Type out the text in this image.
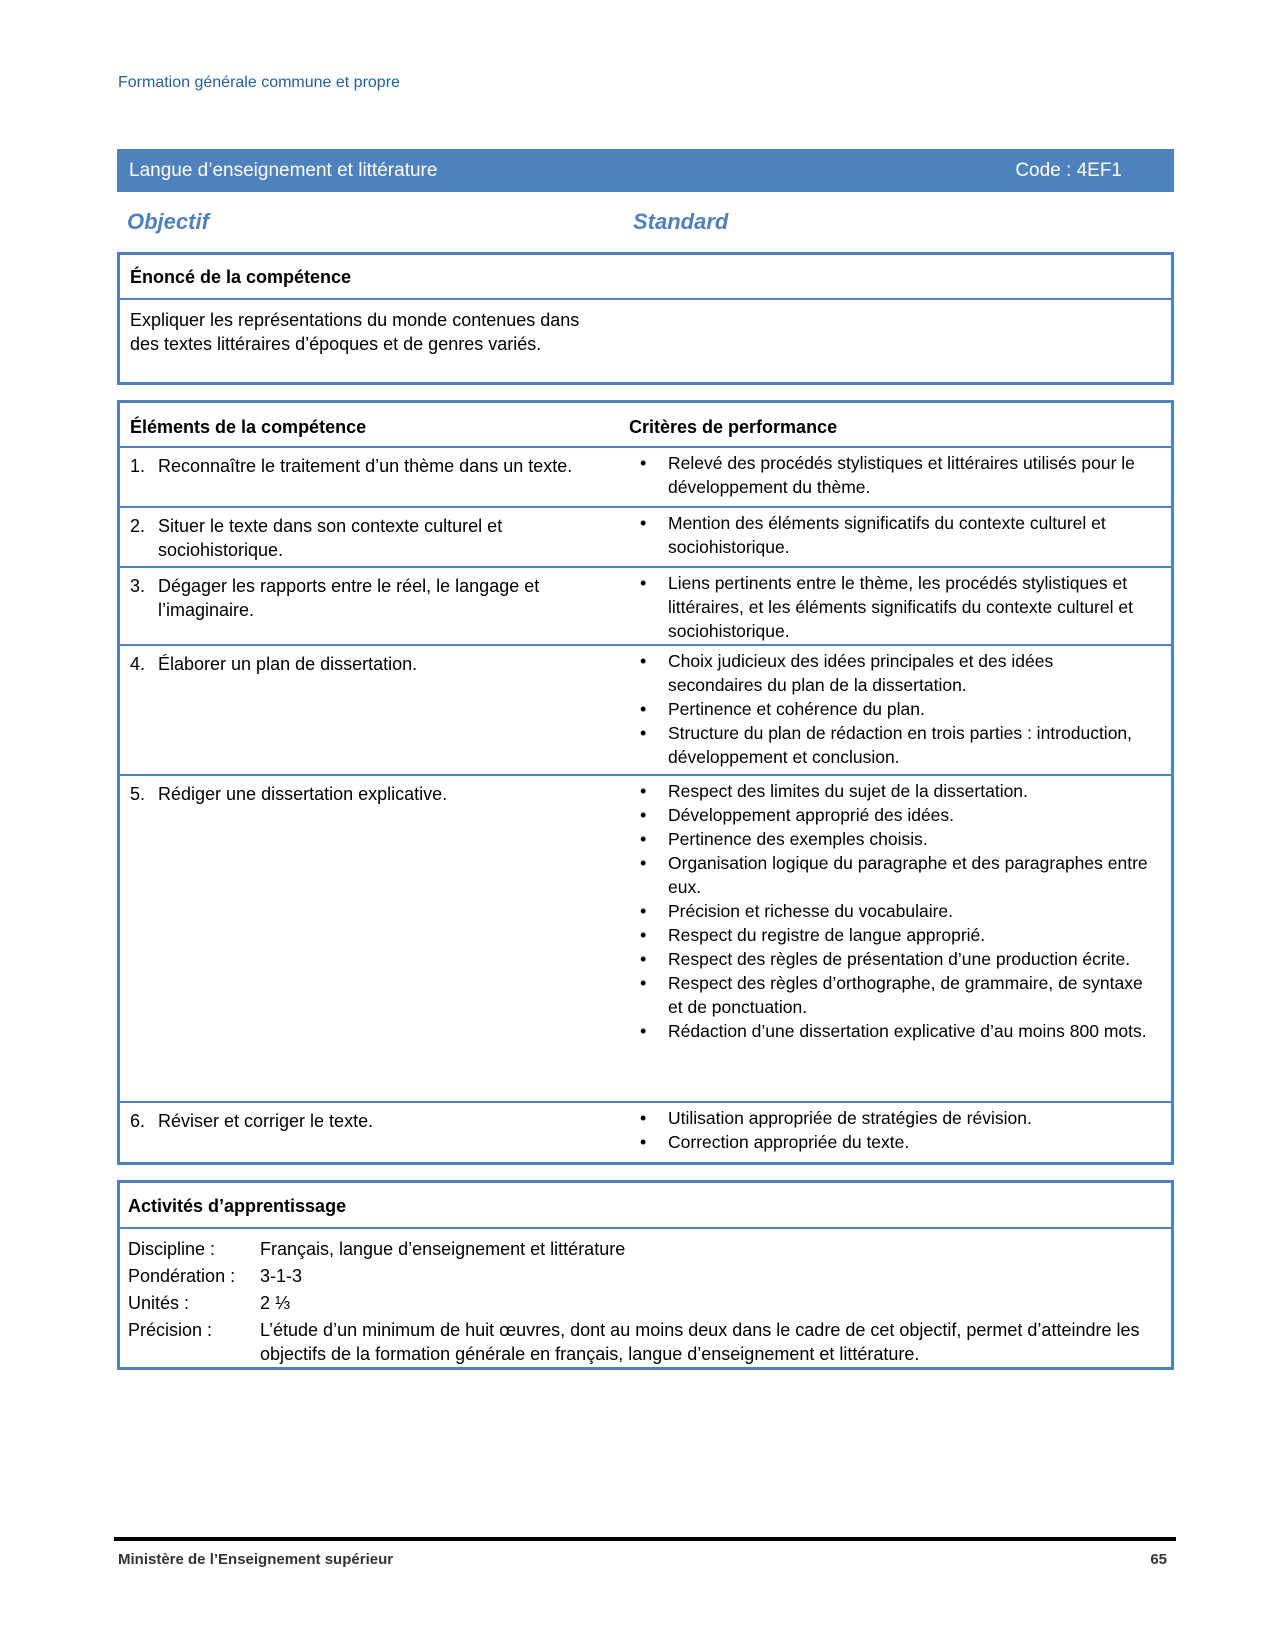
Formation générale commune et propre
Langue d’enseignement et littérature	Code : 4EF1
Objectif	Standard
Énoncé de la compétence
Expliquer les représentations du monde contenues dans des textes littéraires d’époques et de genres variés.
Éléments de la compétence	Critères de performance
1. Reconnaître le traitement d’un thème dans un texte.	• Relevé des procédés stylistiques et littéraires utilisés pour le développement du thème.
2. Situer le texte dans son contexte culturel et sociohistorique.
• Mention des éléments significatifs du contexte culturel et sociohistorique.
3. Dégager les rapports entre le réel, le langage et l’imaginaire.
• Liens pertinents entre le thème, les procédés stylistiques et littéraires, et les éléments significatifs du contexte culturel et sociohistorique.
4. Élaborer un plan de dissertation.	• Choix judicieux des idées principales et des idées secondaires du plan de la dissertation.
• Pertinence et cohérence du plan.
• Structure du plan de rédaction en trois parties : introduction, développement et conclusion.
5. Rédiger une dissertation explicative.	• Respect des limites du sujet de la dissertation.
• Développement approprié des idées.
• Pertinence des exemples choisis.
• Organisation logique du paragraphe et des paragraphes entre eux.
• Précision et richesse du vocabulaire.
• Respect du registre de langue approprié.
• Respect des règles de présentation d’une production écrite.
• Respect des règles d’orthographe, de grammaire, de syntaxe et de ponctuation.
• Rédaction d’une dissertation explicative d’au moins 800 mots.
6. Réviser et corriger le texte.	• Utilisation appropriée de stratégies de révision.
• Correction appropriée du texte.
Activités d’apprentissage
Discipline :	Français, langue d’enseignement et littérature
Pondération :	3-1-3
Unités :	2 ⅓
Précision :	L’étude d’un minimum de huit œuvres, dont au moins deux dans le cadre de cet objectif, permet d’atteindre les objectifs de la formation générale en français, langue d’enseignement et littérature.
Ministère de l’Enseignement supérieur	65
